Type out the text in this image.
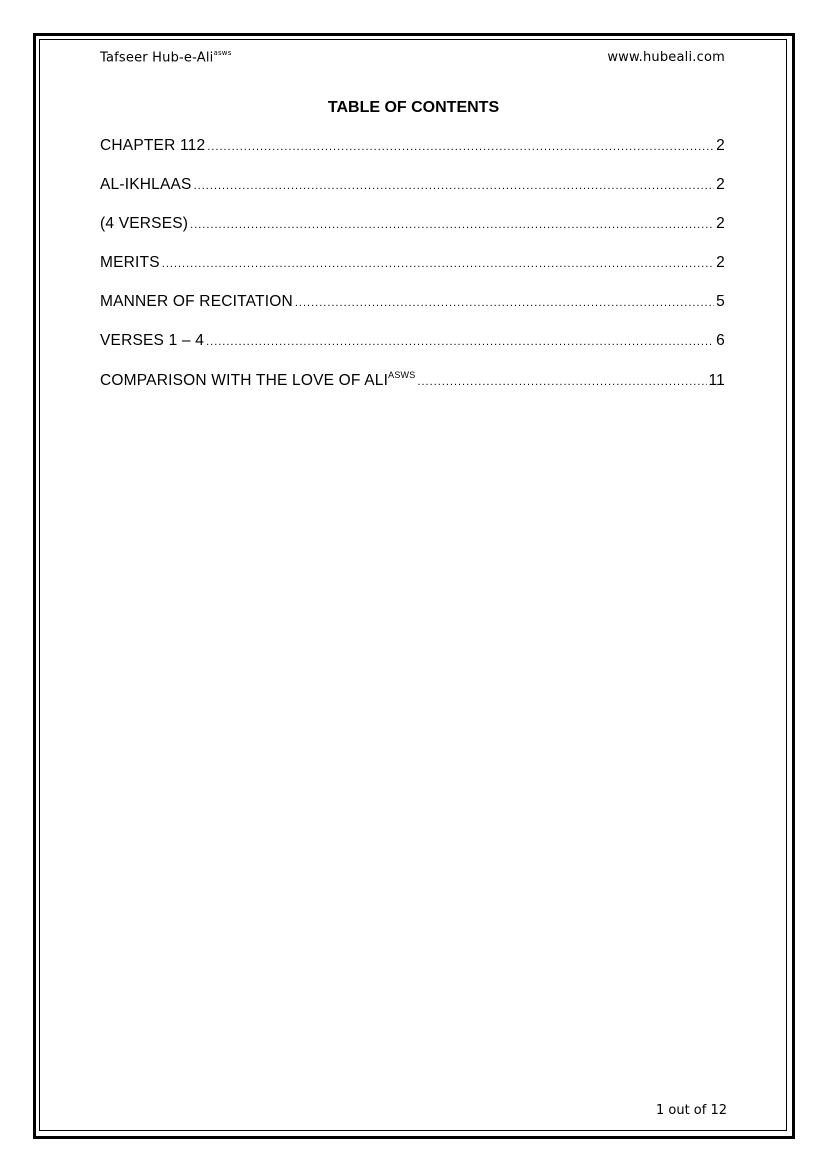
Tafseer Hub-e-Ali$^{asws}$	www.hubeali.com
TABLE OF CONTENTS
CHAPTER 112 .....	2
AL-IKHLAAS .....	2
(4 VERSES) .....	2
MERITS .....	2
MANNER OF RECITATION .....	5
VERSES 1 – 4 .....	6
COMPARISON WITH THE LOVE OF $ALI^{ASWS}$ .....	11
1 out of 12
